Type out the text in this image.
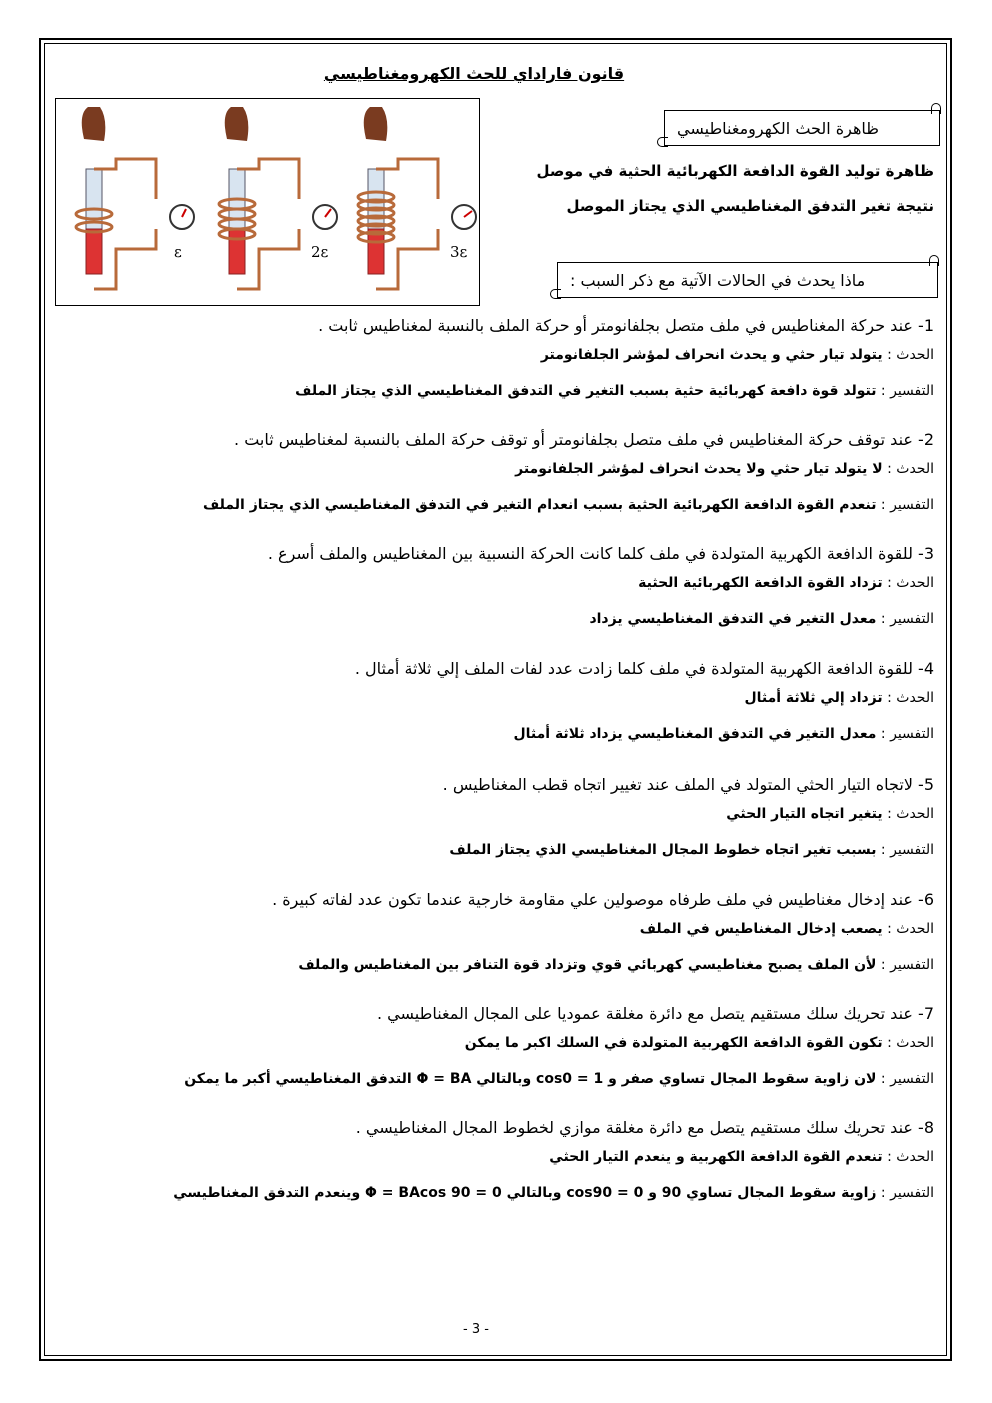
قانون فاراداي للحث الكهرومغناطيسي
ε	2ε	3ε
ظاهرة الحث الكهرومغناطيسي
ظاهرة توليد القوة الدافعة الكهربائية الحثية في موصل
نتيجة تغير التدفق المغناطيسي الذي يجتاز الموصل
ماذا يحدث في الحالات الآتية مع ذكر السبب :
1- عند حركة المغناطيس في ملف متصل بجلفانومتر أو حركة الملف بالنسبة لمغناطيس ثابت .
الحدث : يتولد تيار حثي و يحدث انحراف لمؤشر الجلفانومتر
التفسير : تتولد قوة دافعة كهربائية حثية بسبب التغير في التدفق المغناطيسي الذي يجتاز الملف
2- عند توقف حركة المغناطيس في ملف متصل بجلفانومتر أو توقف حركة الملف بالنسبة لمغناطيس ثابت .
الحدث : لا يتولد تيار حثي ولا يحدث انحراف لمؤشر الجلفانومتر
التفسير : تنعدم القوة الدافعة الكهربائية الحثية بسبب انعدام التغير في التدفق المغناطيسي الذي يجتاز الملف
3- للقوة الدافعة الكهربية المتولدة في ملف كلما كانت الحركة النسبية بين المغناطيس والملف أسرع .
الحدث : تزداد القوة الدافعة الكهربائية الحثية
التفسير : معدل التغير في التدفق المغناطيسي يزداد
4- للقوة الدافعة الكهربية المتولدة في ملف كلما زادت عدد لفات الملف إلي ثلاثة أمثال .
الحدث : تزداد إلي ثلاثة أمثال
التفسير : معدل التغير في التدفق المغناطيسي يزداد ثلاثة أمثال
5- لاتجاه التيار الحثي المتولد في الملف عند تغيير اتجاه قطب المغناطيس .
الحدث : يتغير اتجاه التيار الحثي
التفسير : بسبب تغير اتجاه خطوط المجال المغناطيسي الذي يجتاز الملف
6- عند إدخال مغناطيس في ملف طرفاه موصولين علي مقاومة خارجية عندما تكون عدد لفاته كبيرة .
الحدث : يصعب إدخال المغناطيس في الملف
التفسير : لأن الملف يصبح مغناطيسي كهربائي قوي وتزداد قوة التنافر بين المغناطيس والملف
7- عند تحريك سلك مستقيم يتصل مع دائرة مغلقة عموديا على المجال المغناطيسي .
الحدث : تكون القوة الدافعة الكهربية المتولدة في السلك اكبر ما يمكن
التفسير : لان زاوية سقوط المجال تساوي صفر و cos0 = 1 وبالتالي Φ = BA التدفق المغناطيسي أكبر ما يمكن
8- عند تحريك سلك مستقيم يتصل مع دائرة مغلقة موازي لخطوط المجال المغناطيسي .
الحدث : تنعدم القوة الدافعة الكهربية و ينعدم التيار الحثي
التفسير : زاوية سقوط المجال تساوي 90 و cos90 = 0 وبالتالي Φ = BAcos 90 = 0 وينعدم التدفق المغناطيسي
- 3 -
